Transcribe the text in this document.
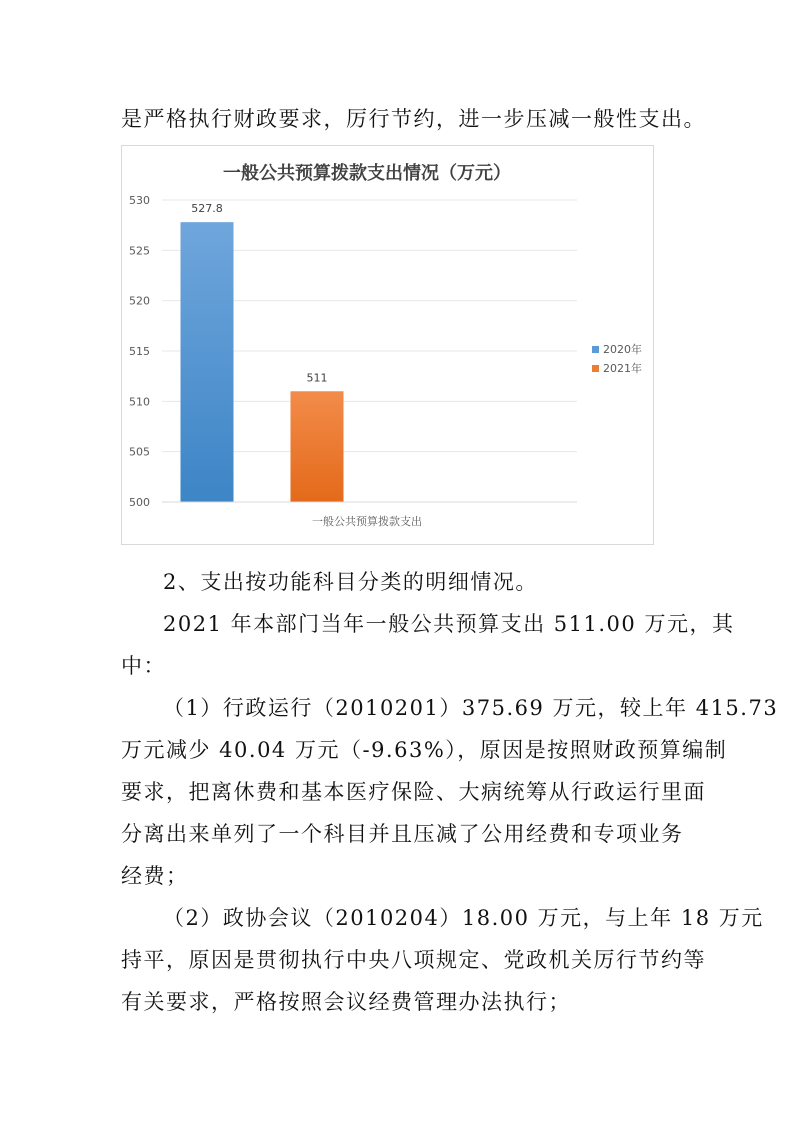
是严格执行财政要求，厉行节约，进一步压减一般性支出。
一般公共预算拨款支出情况（万元）
500
505
510
515
520
525
530
527.8
511
一般公共预算拨款支出
2020年
2021年
2、支出按功能科目分类的明细情况。
2021 年本部门当年一般公共预算支出 511.00 万元，其
中：
（1）行政运行（2010201）375.69 万元，较上年 415.73
万元减少 40.04 万元（-9.63%），原因是按照财政预算编制
要求，把离休费和基本医疗保险、大病统筹从行政运行里面
分离出来单列了一个科目并且压减了公用经费和专项业务
经费；
（2）政协会议（2010204）18.00 万元，与上年 18 万元
持平，原因是贯彻执行中央八项规定、党政机关厉行节约等
有关要求，严格按照会议经费管理办法执行；
